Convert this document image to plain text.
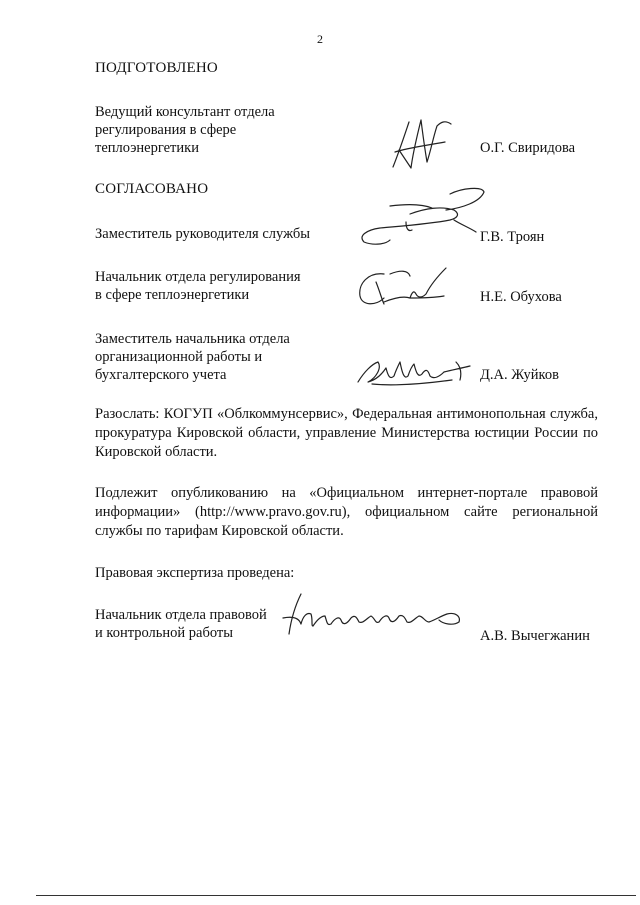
2
ПОДГОТОВЛЕНО
Ведущий консультант отдела
регулирования в сфере
теплоэнергетики	О.Г. Свиридова
СОГЛАСОВАНО
Заместитель руководителя службы	Г.В. Троян
Начальник отдела регулирования
в сфере теплоэнергетики	Н.Е. Обухова
Заместитель начальника отдела
организационной работы и
бухгалтерского учета	Д.А. Жуйков
Разослать: КОГУП «Облкоммунсервис», Федеральная антимонопольная служба, прокуратура Кировской области, управление Министерства юстиции России по Кировской области.
Подлежит опубликованию на «Официальном интернет-портале правовой информации» (http://www.pravo.gov.ru), официальном сайте региональной службы по тарифам Кировской области.
Правовая экспертиза проведена:
Начальник отдела правовой
и контрольной работы	А.В. Вычегжанин
